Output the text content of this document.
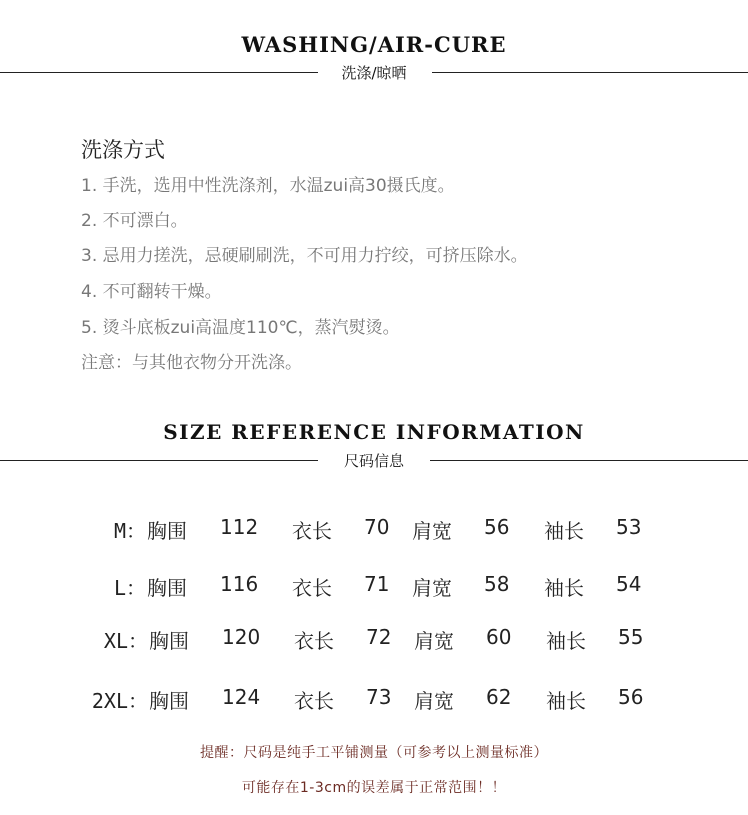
WASHING/AIR-CURE
洗涤/晾晒
洗涤方式
1. 手洗，选用中性洗涤剂，水温zui高30摄氏度。
2. 不可漂白。
3. 忌用力搓洗，忌硬刷刷洗，不可用力拧绞，可挤压除水。
4. 不可翻转干燥。
5. 烫斗底板zui高温度110℃，蒸汽熨烫。
注意：与其他衣物分开洗涤。
SIZE REFERENCE INFORMATION
尺码信息
M： 胸围 112 衣长 70 肩宽 56 袖长 53
L： 胸围 116 衣长 71 肩宽 58 袖长 54
XL： 胸围 120 衣长 72 肩宽 60 袖长 55
2XL： 胸围 124 衣长 73 肩宽 62 袖长 56
提醒：尺码是纯手工平铺测量（可参考以上测量标准）
可能存在1-3cm的误差属于正常范围！！
